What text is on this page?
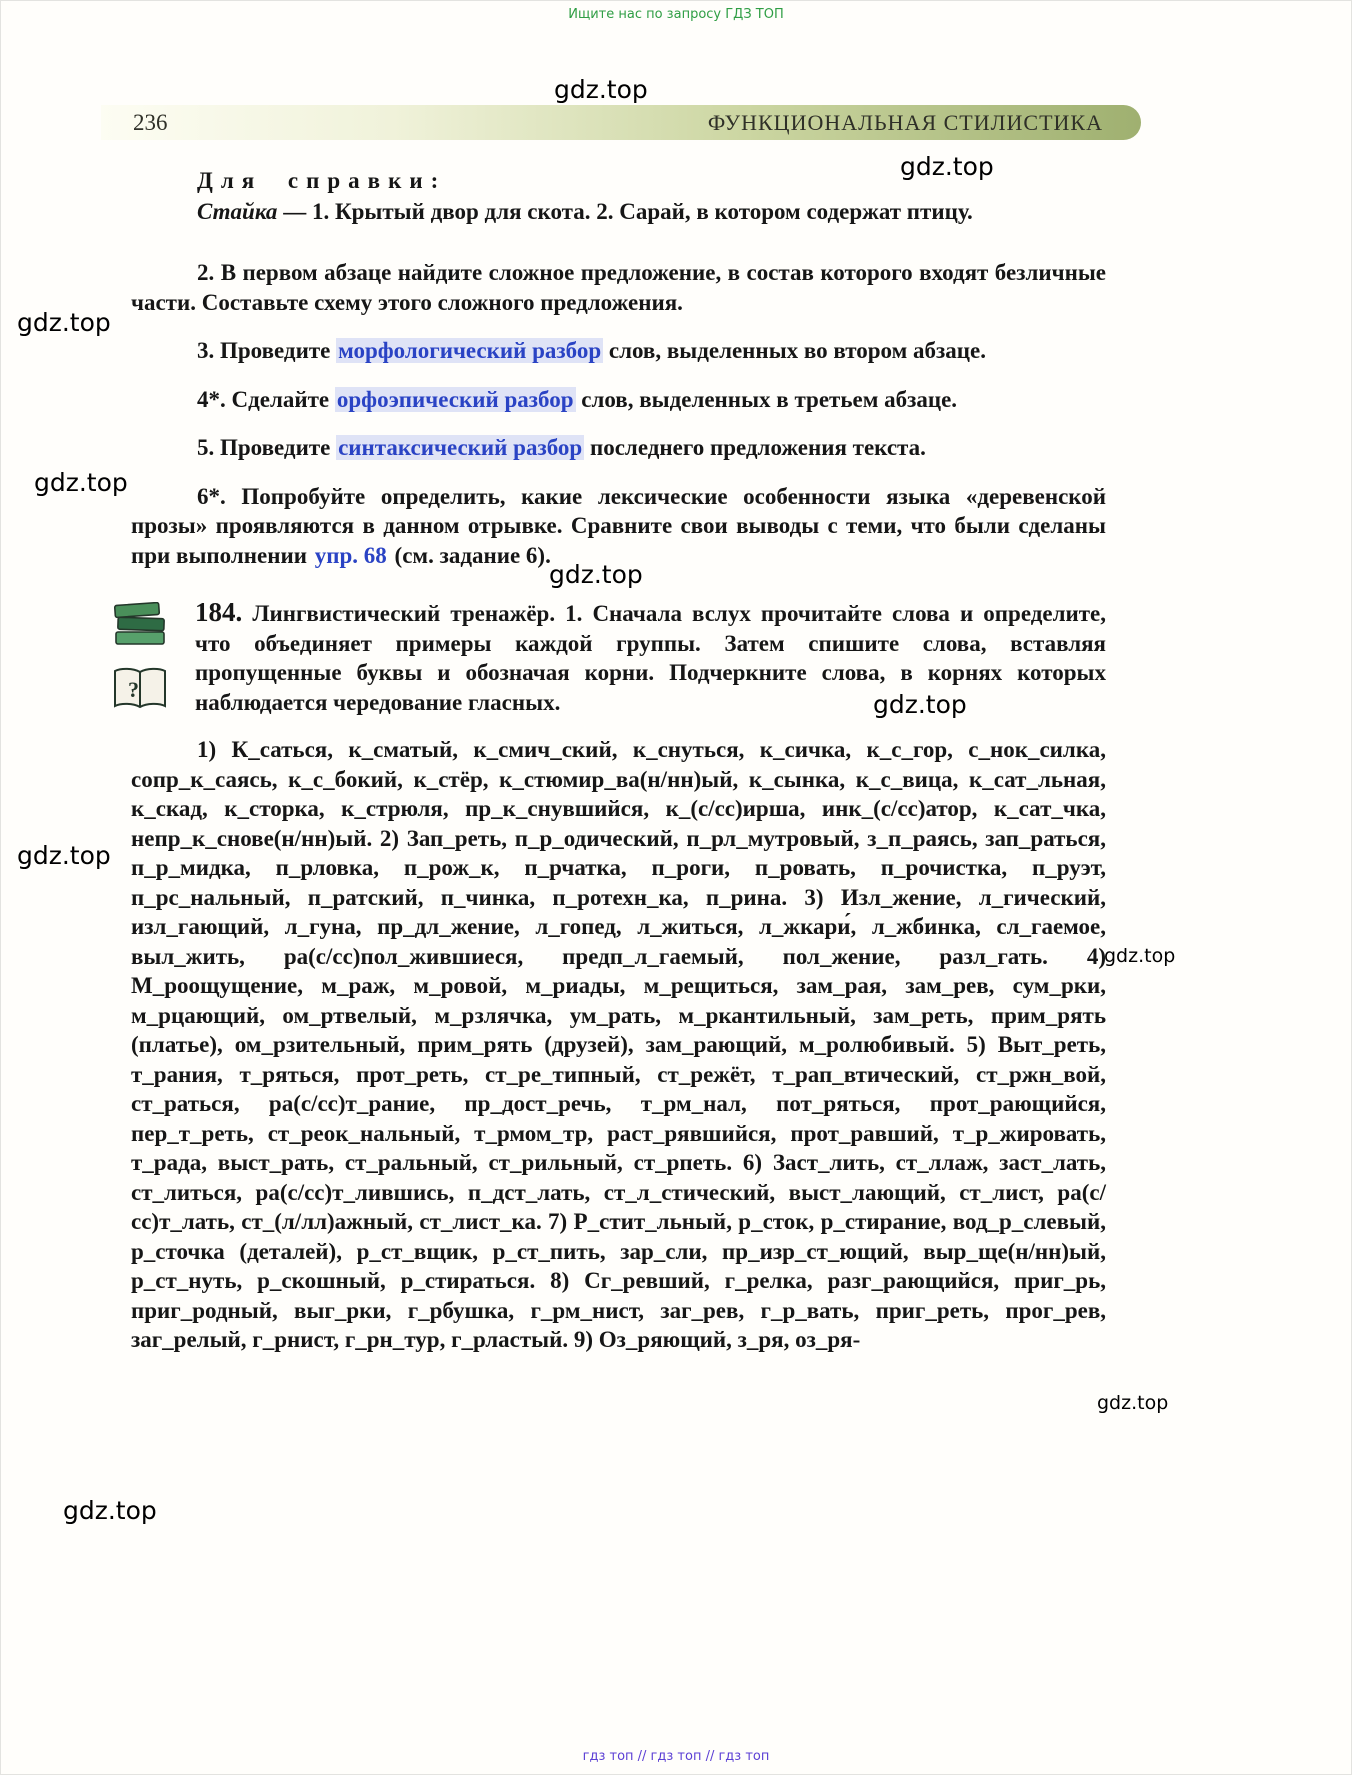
Ищите нас по запросу ГДЗ ТОП
236	ФУНКЦИОНАЛЬНАЯ СТИЛИСТИКА

Для справки:

Стайка — 1. Крытый двор для скота. 2. Сарай, в котором содержат птицу.

2. В первом абзаце найдите сложное предложение, в состав которого входят безличные части. Составьте схему этого сложного предложения.

3. Проведите морфологический разбор слов, выделенных во втором абзаце.

4*. Сделайте орфоэпический разбор слов, выделенных в третьем абзаце.

5. Проведите синтаксический разбор последнего предложения текста.

6*. Попробуйте определить, какие лексические особенности языка «деревенской прозы» проявляются в данном отрывке. Сравните свои выводы с теми, что были сделаны при выполнении упр. 68 (см. задание 6).

?
184. Лингвистический тренажёр. 1. Сначала вслух прочитайте слова и определите, что объединяет примеры каждой группы. Затем спишите слова, вставляя пропущенные буквы и обозначая корни. Подчеркните слова, в корнях которых наблюдается чередование гласных.

1) К_саться, к_сматый, к_смич_ский, к_снуться, к_сичка, к_с_гор, с_нок_силка, сопр_к_саясь, к_с_бокий, к_стёр, к_стюмир_ва(н/нн)ый, к_сынка, к_с_вица, к_сат_льная, к_скад, к_сторка, к_стрюля, пр_к_снувшийся, к_(с/сс)ирша, инк_(с/сс)атор, к_сат_чка, непр_к_снове(н/нн)ый. 2) Зап_реть, п_р_одический, п_рл_мутровый, з_п_раясь, зап_раться, п_р_мидка, п_рловка, п_рож_к, п_рчатка, п_роги, п_ровать, п_рочистка, п_руэт, п_рс_нальный, п_ратский, п_чинка, п_ротехн_ка, п_рина. 3) Изл_жение, л_гический, изл_гающий, л_гуна, пр_дл_жение, л_гопед, л_житься, л_жкари́, л_жбинка, сл_гаемое, выл_жить, ра(с/сс)пол_жившиеся, предп_л_гаемый, пол_жение, разл_гать. 4) М_роощущение, м_раж, м_ровой, м_риады, м_рещиться, зам_рая, зам_рев, сум_рки, м_рцающий, ом_ртвелый, м_рзлячка, ум_рать, м_ркантильный, зам_реть, прим_рять (платье), ом_рзительный, прим_рять (друзей), зам_рающий, м_ролюбивый. 5) Выт_реть, т_рания, т_ряться, прот_реть, ст_ре_типный, ст_режёт, т_рап_втический, ст_ржн_вой, ст_раться, ра(с/сс)т_рание, пр_дост_речь, т_рм_нал, пот_ряться, прот_рающийся, пер_т_реть, ст_реок_нальный, т_рмом_тр, раст_рявшийся, прот_равший, т_р_жировать, т_рада, выст_рать, ст_ральный, ст_рильный, ст_рпеть. 6) Заст_лить, ст_ллаж, заст_лать, ст_литься, ра(с/сс)т_лившись, п_дст_лать, ст_л_стический, выст_лающий, ст_лист, ра(с/сс)т_лать, ст_(л/лл)ажный, ст_лист_ка. 7) Р_стит_льный, р_сток, р_стирание, вод_р_слевый, р_сточка (деталей), р_ст_вщик, р_ст_пить, зар_сли, пр_изр_ст_ющий, выр_ще(н/нн)ый, р_ст_нуть, р_скошный, р_стираться. 8) Сг_ревший, г_релка, разг_рающийся, приг_рь, приг_родный, выг_рки, г_рбушка, г_рм_нист, заг_рев, г_р_вать, приг_реть, прог_рев, заг_релый, г_рнист, г_рн_тур, г_рластый. 9) Оз_ряющий, з_ря, оз_ря-

гдз топ // гдз топ // гдз топ
gdz.top
gdz.top
gdz.top
gdz.top
gdz.top
gdz.top
gdz.top
gdz.top
gdz.top
gdz.top
